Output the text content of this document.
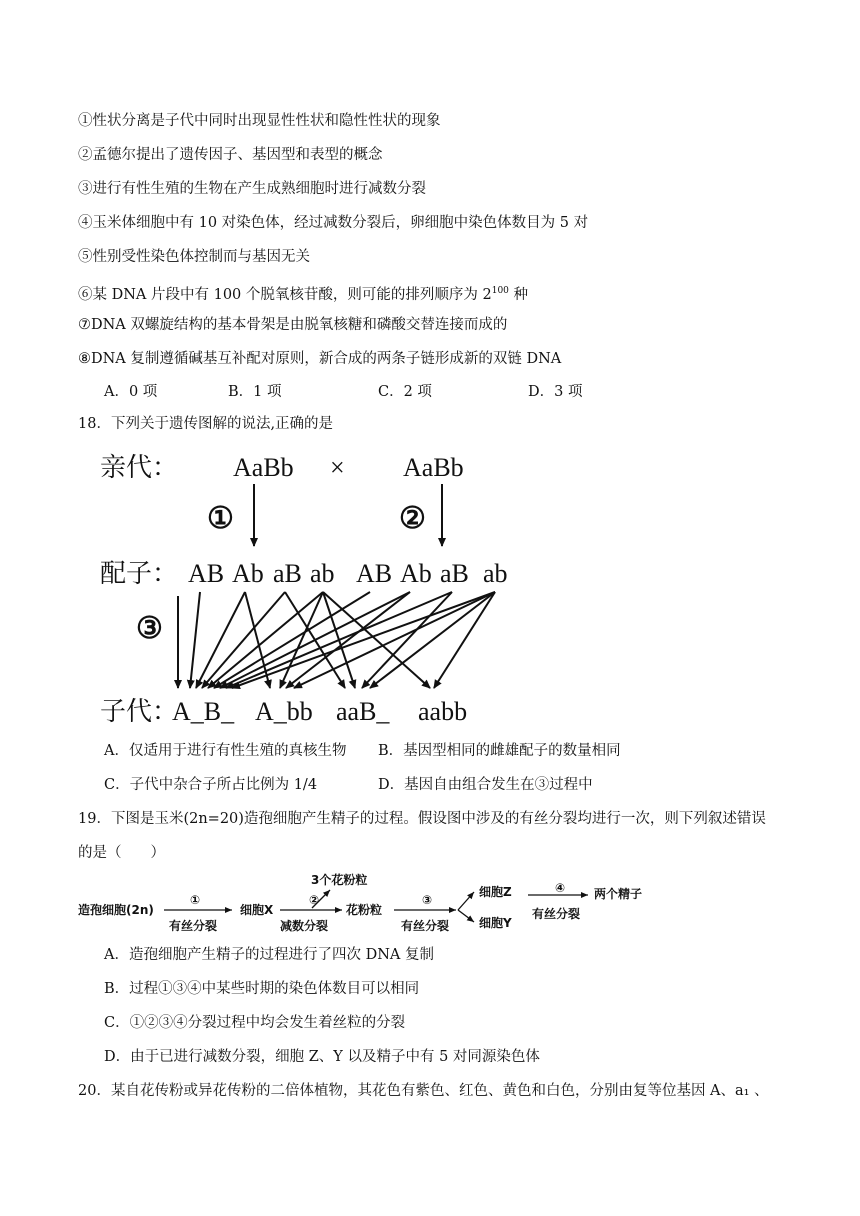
①性状分离是子代中同时出现显性性状和隐性性状的现象
②孟德尔提出了遗传因子、基因型和表型的概念
③进行有性生殖的生物在产生成熟细胞时进行减数分裂
④玉米体细胞中有 10 对染色体，经过减数分裂后，卵细胞中染色体数目为 5 对
⑤性别受性染色体控制而与基因无关
⑥某 DNA 片段中有 100 个脱氧核苷酸，则可能的排列顺序为 $2^{100}$ 种
⑦DNA 双螺旋结构的基本骨架是由脱氧核糖和磷酸交替连接而成的
⑧DNA 复制遵循碱基互补配对原则，新合成的两条子链形成新的双链 DNA
A．0 项	B．1 项	C．2 项	D．3 项
18．下列关于遗传图解的说法,正确的是
亲代： AaBb × AaBb
①	②
③
配子： AB Ab aB ab AB Ab aB ab
子代：
A_B_ A_bb aaB_ aabb
A．仅适用于进行有性生殖的真核生物 B．基因型相同的雌雄配子的数量相同
C．子代中杂合子所占比例为 1/4	D．基因自由组合发生在③过程中
19．下图是玉米(2n=20)造孢细胞产生精子的过程。假设图中涉及的有丝分裂均进行一次，则下列叙述错误
的是（　　）
造孢细胞(2n)
①
有丝分裂
细胞X
②
减数分裂
3个花粉粒
花粉粒
③
有丝分裂
细胞Z
细胞Y
④
有丝分裂
两个精子
A．造孢细胞产生精子的过程进行了四次 DNA 复制
B．过程①③④中某些时期的染色体数目可以相同
C．①②③④分裂过程中均会发生着丝粒的分裂
D．由于已进行减数分裂，细胞 Z、Y 以及精子中有 5 对同源染色体
20．某自花传粉或异花传粉的二倍体植物，其花色有紫色、红色、黄色和白色，分别由复等位基因 A、a₁ 、
